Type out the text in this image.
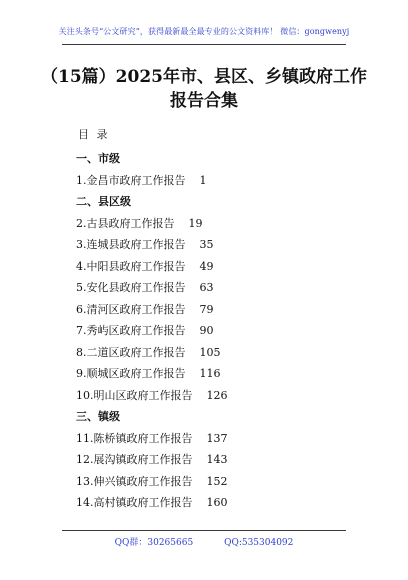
关注头条号“公文研究”，获得最新最全最专业的公文资料库！ 微信：gongwenyj
（15篇）2025年市、县区、乡镇政府工作报告合集
目 录
一、市级
1.金昌市政府工作报告 1
二、县区级
2.古县政府工作报告 19
3.连城县政府工作报告 35
4.中阳县政府工作报告 49
5.安化县政府工作报告 63
6.清河区政府工作报告 79
7.秀屿区政府工作报告 90
8.二道区政府工作报告 105
9.顺城区政府工作报告 116
10.明山区政府工作报告 126
三、镇级
11.陈桥镇政府工作报告 137
12.展沟镇政府工作报告 143
13.伸兴镇政府工作报告 152
14.高村镇政府工作报告 160
QQ群：30265665	QQ:535304092
